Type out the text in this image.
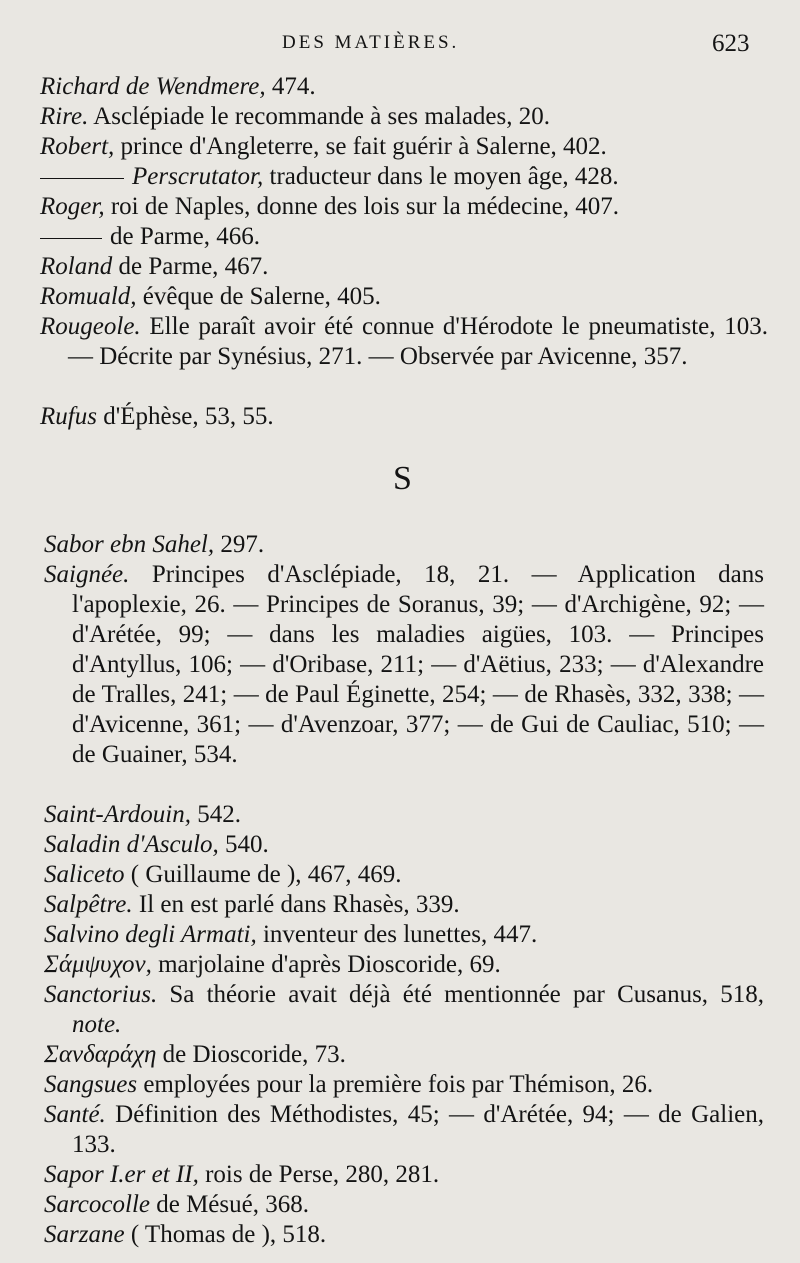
DES MATIÈRES.	623

Richard de Wendmere, 474.

Rire. Asclépiade le recommande à ses malades, 20.

Robert, prince d'Angleterre, se fait guérir à Salerne, 402.

Perscrutator, traducteur dans le moyen âge, 428.

Roger, roi de Naples, donne des lois sur la médecine, 407.

de Parme, 466.

Roland de Parme, 467.

Romuald, évêque de Salerne, 405.

Rougeole. Elle paraît avoir été connue d'Hérodote le pneumatiste, 103. — Décrite par Synésius, 271. — Observée par Avicenne, 357.

Rufus d'Éphèse, 53, 55.

S

Sabor ebn Sahel, 297.

Saignée. Principes d'Asclépiade, 18, 21. — Application dans l'apoplexie, 26. — Principes de Soranus, 39; — d'Archigène, 92; — d'Arétée, 99; — dans les maladies aigües, 103. — Principes d'Antyllus, 106; — d'Oribase, 211; — d'Aëtius, 233; — d'Alexandre de Tralles, 241; — de Paul Éginette, 254; — de Rhasès, 332, 338; — d'Avicenne, 361; — d'Avenzoar, 377; — de Gui de Cauliac, 510; — de Guainer, 534.

Saint-Ardouin, 542.

Saladin d'Asculo, 540.

Saliceto ( Guillaume de ), 467, 469.

Salpêtre. Il en est parlé dans Rhasès, 339.

Salvino degli Armati, inventeur des lunettes, 447.

Σάμψυχον, marjolaine d'après Dioscoride, 69.

Sanctorius. Sa théorie avait déjà été mentionnée par Cusanus, 518, note.

Σανδαράχη de Dioscoride, 73.

Sangsues employées pour la première fois par Thémison, 26.

Santé. Définition des Méthodistes, 45; — d'Arétée, 94; — de Galien, 133.

Sapor I.er et II, rois de Perse, 280, 281.

Sarcocolle de Mésué, 368.

Sarzane ( Thomas de ), 518.
